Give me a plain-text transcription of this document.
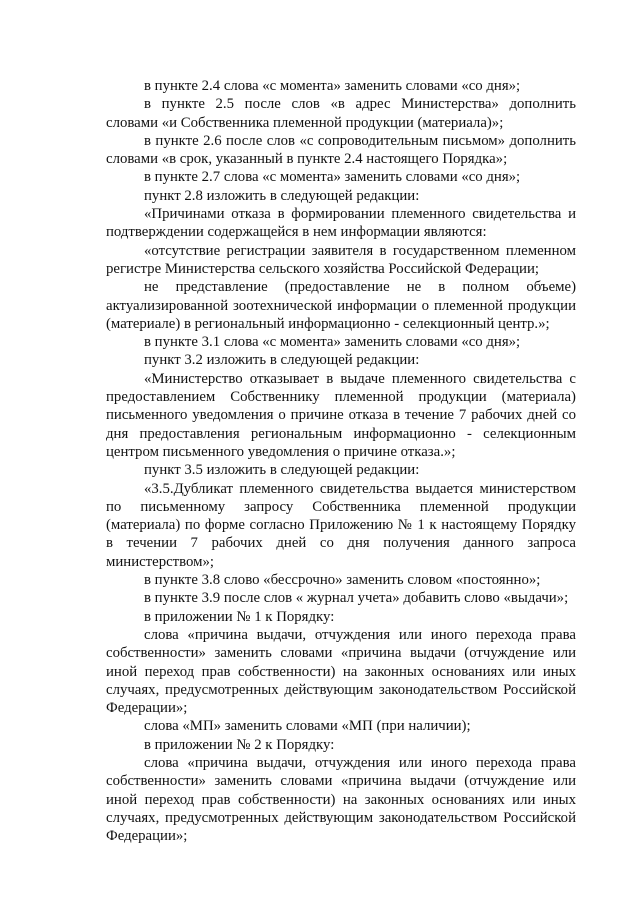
в пункте 2.4 слова «с момента» заменить словами «со дня»;

в пункте 2.5 после слов «в адрес Министерства» дополнить словами «и Собственника племенной продукции (материала)»;

в пункте 2.6 после слов «с сопроводительным письмом» дополнить словами «в срок, указанный в пункте 2.4 настоящего Порядка»;

в пункте 2.7 слова «с момента» заменить словами «со дня»;

пункт 2.8 изложить в следующей редакции:

«Причинами отказа в формировании племенного свидетельства и подтверждении содержащейся в нем информации являются:

«отсутствие регистрации заявителя в государственном племенном регистре Министерства сельского хозяйства Российской Федерации;

не представление (предоставление не в полном объеме) актуализированной зоотехнической информации о племенной продукции (материале) в региональный информационно - селекционный центр.»;

в пункте 3.1 слова «с момента» заменить словами «со дня»;

пункт 3.2 изложить в следующей редакции:

«Министерство отказывает в выдаче племенного свидетельства с предоставлением Собственнику племенной продукции (материала) письменного уведомления о причине отказа в течение 7 рабочих дней со дня предоставления региональным информационно - селекционным центром письменного уведомления о причине отказа.»;

пункт 3.5 изложить в следующей редакции:

«3.5.Дубликат племенного свидетельства выдается министерством по письменному запросу Собственника племенной продукции (материала) по форме согласно Приложению № 1 к настоящему Порядку в течении 7 рабочих дней со дня получения данного запроса министерством»;

в пункте 3.8 слово «бессрочно» заменить словом «постоянно»;

в пункте 3.9 после слов « журнал учета» добавить слово «выдачи»;

в приложении № 1 к Порядку:

слова «причина выдачи, отчуждения или иного перехода права собственности» заменить словами «причина выдачи (отчуждение или иной переход прав собственности) на законных основаниях или иных случаях, предусмотренных действующим законодательством Российской Федерации»;

слова «МП» заменить словами «МП (при наличии);

в приложении № 2 к Порядку:

слова «причина выдачи, отчуждения или иного перехода права собственности» заменить словами «причина выдачи (отчуждение или иной переход прав собственности) на законных основаниях или иных случаях, предусмотренных действующим законодательством Российской Федерации»;
